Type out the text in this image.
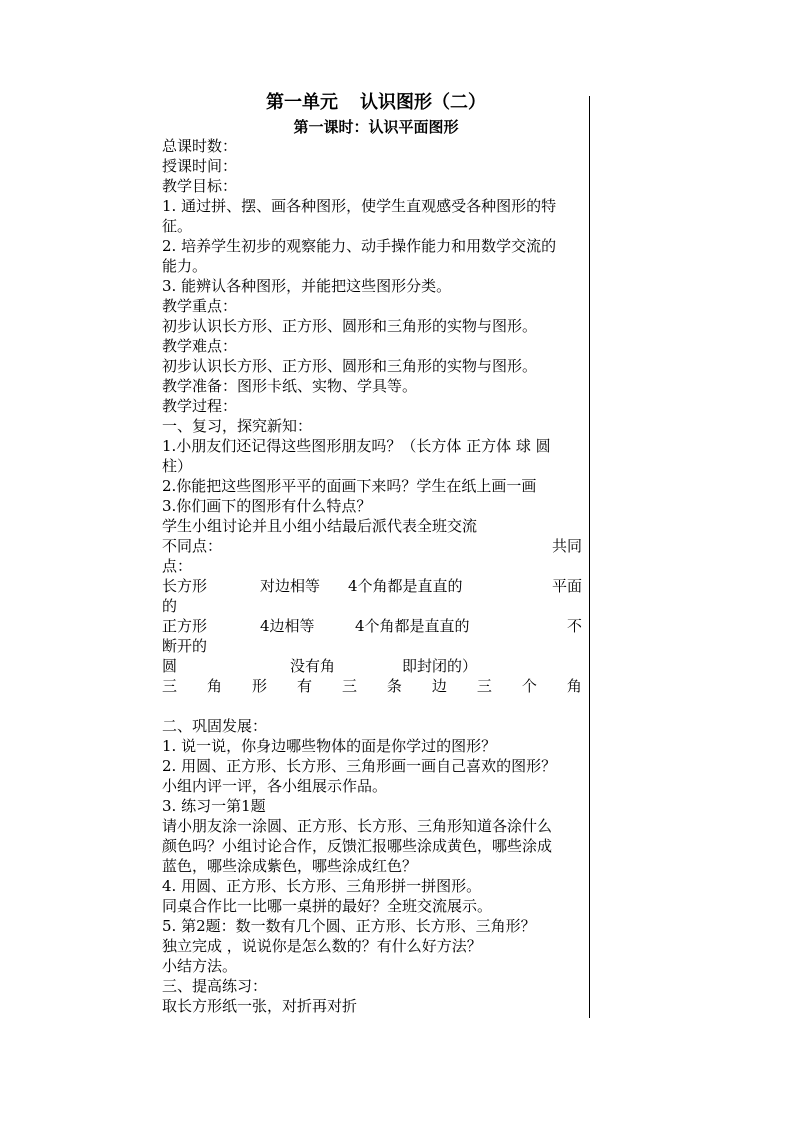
第一单元 认识图形（二）
第一课时：认识平面图形
总课时数：
授课时间：
教学目标：
1. 通过拼、摆、画各种图形，使学生直观感受各种图形的特
征。
2. 培养学生初步的观察能力、动手操作能力和用数学交流的
能力。
3. 能辨认各种图形，并能把这些图形分类。
教学重点：
初步认识长方形、正方形、圆形和三角形的实物与图形。
教学难点：
初步认识长方形、正方形、圆形和三角形的实物与图形。
教学准备：图形卡纸、实物、学具等。
教学过程：
一、复习，探究新知：
1.小朋友们还记得这些图形朋友吗？（长方体 正方体 球 圆
柱）
2.你能把这些图形平平的面画下来吗？学生在纸上画一画
3.你们画下的图形有什么特点？
学生小组讨论并且小组小结最后派代表全班交流
不同点：	共同
点：
长方形	对边相等 4个角都是直直的	平面
的
正方形	4边相等	4个角都是直直的	不
断开的
圆	没有角	即封闭的）
三 角 形 有 三 条 边 三 个 角
二、巩固发展：
1. 说一说，你身边哪些物体的面是你学过的图形？
2. 用圆、正方形、长方形、三角形画一画自己喜欢的图形？
小组内评一评，各小组展示作品。
3. 练习一第1题
请小朋友涂一涂圆、正方形、长方形、三角形知道各涂什么
颜色吗？小组讨论合作，反馈汇报哪些涂成黄色，哪些涂成
蓝色，哪些涂成紫色，哪些涂成红色？
4. 用圆、正方形、长方形、三角形拼一拼图形。
同桌合作比一比哪一桌拼的最好？全班交流展示。
5. 第2题：数一数有几个圆、正方形、长方形、三角形？
独立完成 ，说说你是怎么数的？有什么好方法？
小结方法。
三、提高练习：
取长方形纸一张，对折再对折
